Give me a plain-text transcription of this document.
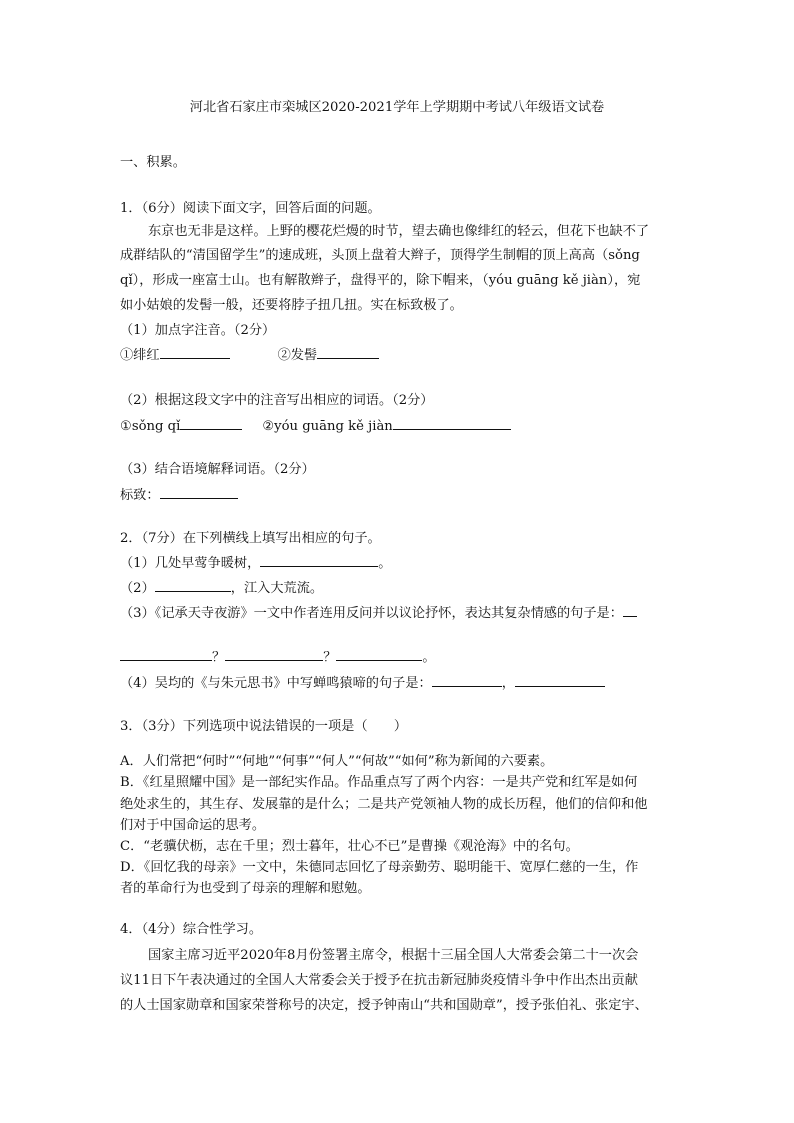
河北省石家庄市栾城区2020-2021学年上学期期中考试八年级语文试卷
一、积累。
1．（6分）阅读下面文字，回答后面的问题。
东京也无非是这样。上野的樱花烂熳的时节，望去确也像绯红的轻云，但花下也缺不了
成群结队的“清国留学生”的速成班，头顶上盘着大辫子，顶得学生制帽的顶上高高（sǒng
qǐ），形成一座富士山。也有解散辫子，盘得平的，除下帽来，（yóu guāng kě jiàn），宛
如小姑娘的发髻一般，还要将脖子扭几扭。实在标致极了。
（1）加点字注音。（2分）
①绯红	②发髻
（2）根据这段文字中的注音写出相应的词语。（2分）
①sǒng qǐ	②yóu guāng kě jiàn
（3）结合语境解释词语。（2分）
标致：
2．（7分）在下列横线上填写出相应的句子。
（1）几处早莺争暖树，	。
（2）	，江入大荒流。
（3）《记承天寺夜游》一文中作者连用反问并以议论抒怀，表达其复杂情感的句子是：
？	？	。
（4）吴均的《与朱元思书》中写蝉鸣猿啼的句子是：	，
3．（3分）下列选项中说法错误的一项是（　　）
A．人们常把“何时”“何地”“何事”“何人”“何故”“如何”称为新闻的六要素。
B．《红星照耀中国》是一部纪实作品。作品重点写了两个内容：一是共产党和红军是如何
绝处求生的，其生存、发展靠的是什么；二是共产党领袖人物的成长历程，他们的信仰和他
们对于中国命运的思考。
C．“老骥伏枥，志在千里；烈士暮年，壮心不已”是曹操《观沧海》中的名句。
D．《回忆我的母亲》一文中，朱德同志回忆了母亲勤劳、聪明能干、宽厚仁慈的一生，作
者的革命行为也受到了母亲的理解和慰勉。
4．（4分）综合性学习。
国家主席习近平2020年8月份签署主席令，根据十三届全国人大常委会第二十一次会
议11日下午表决通过的全国人大常委会关于授予在抗击新冠肺炎疫情斗争中作出杰出贡献
的人士国家勋章和国家荣誉称号的决定，授予钟南山“共和国勋章”，授予张伯礼、张定宇、
